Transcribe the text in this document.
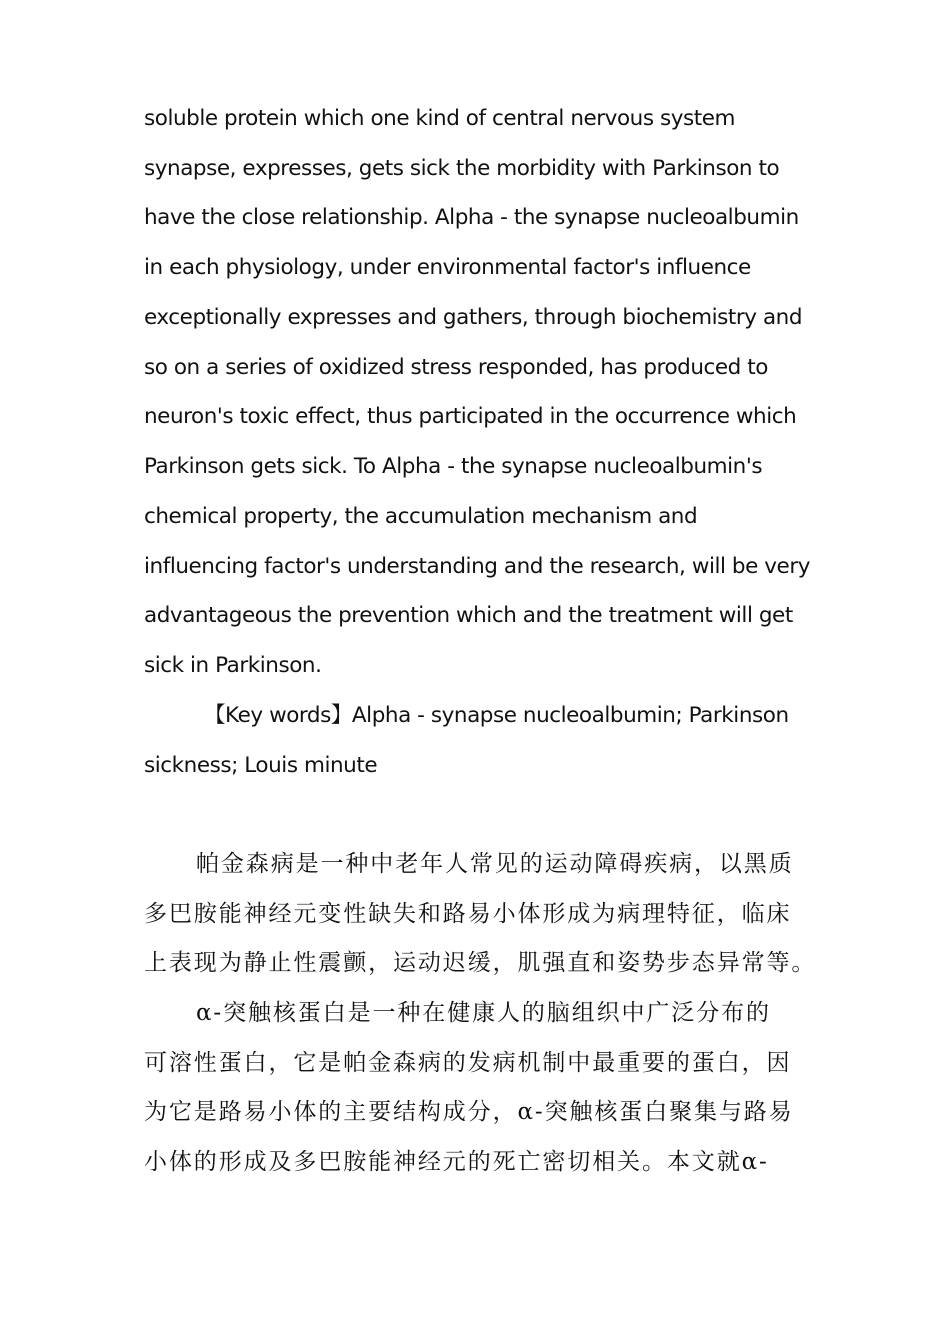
soluble protein which one kind of central nervous system
synapse, expresses, gets sick the morbidity with Parkinson to
have the close relationship. Alpha - the synapse nucleoalbumin
in each physiology, under environmental factor's influence
exceptionally expresses and gathers, through biochemistry and
so on a series of oxidized stress responded, has produced to
neuron's toxic effect, thus participated in the occurrence which
Parkinson gets sick. To Alpha - the synapse nucleoalbumin's
chemical property, the accumulation mechanism and
influencing factor's understanding and the research, will be very
advantageous the prevention which and the treatment will get
sick in Parkinson.
【Key words】Alpha - synapse nucleoalbumin; Parkinson
sickness; Louis minute
帕金森病是一种中老年人常见的运动障碍疾病，以黑质
多巴胺能神经元变性缺失和路易小体形成为病理特征，临床
上表现为静止性震颤，运动迟缓，肌强直和姿势步态异常等。
α-突触核蛋白是一种在健康人的脑组织中广泛分布的
可溶性蛋白，它是帕金森病的发病机制中最重要的蛋白，因
为它是路易小体的主要结构成分，α-突触核蛋白聚集与路易
小体的形成及多巴胺能神经元的死亡密切相关。本文就α-
